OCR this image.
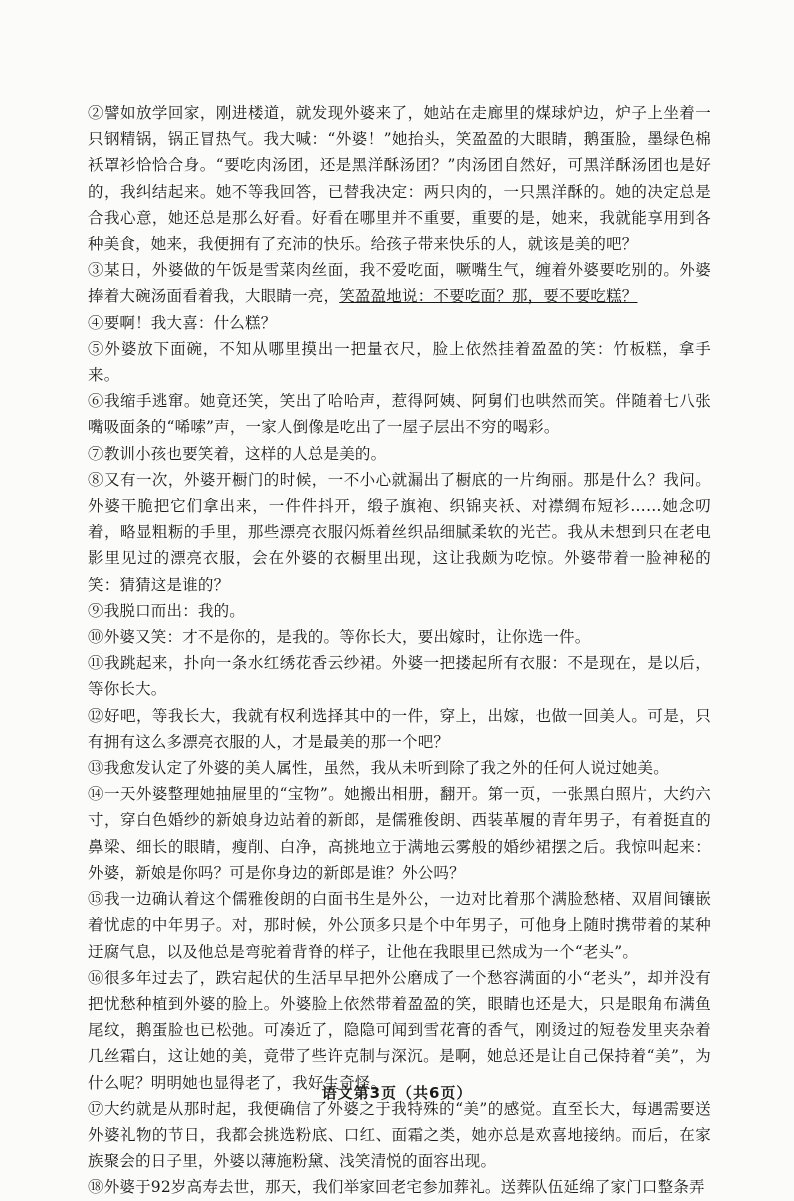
②譬如放学回家，刚进楼道，就发现外婆来了，她站在走廊里的煤球炉边，炉子上坐着一只钢精锅，锅正冒热气。我大喊：“外婆！”她抬头，笑盈盈的大眼睛，鹅蛋脸，墨绿色棉袄罩衫恰恰合身。“要吃肉汤团，还是黑洋酥汤团？”肉汤团自然好，可黑洋酥汤团也是好的，我纠结起来。她不等我回答，已替我决定：两只肉的，一只黑洋酥的。她的决定总是合我心意，她还总是那么好看。好看在哪里并不重要，重要的是，她来，我就能享用到各种美食，她来，我便拥有了充沛的快乐。给孩子带来快乐的人，就该是美的吧？

③某日，外婆做的午饭是雪菜肉丝面，我不爱吃面，噘嘴生气，缠着外婆要吃别的。外婆捧着大碗汤面看着我，大眼睛一亮，笑盈盈地说：不要吃面？那，要不要吃糕？

④要啊！我大喜：什么糕？

⑤外婆放下面碗，不知从哪里摸出一把量衣尺，脸上依然挂着盈盈的笑：竹板糕，拿手来。

⑥我缩手逃窜。她竟还笑，笑出了哈哈声，惹得阿姨、阿舅们也哄然而笑。伴随着七八张嘴吸面条的“唏嗦”声，一家人倒像是吃出了一屋子层出不穷的喝彩。

⑦教训小孩也要笑着，这样的人总是美的。

⑧又有一次，外婆开橱门的时候，一不小心就漏出了橱底的一片绚丽。那是什么？我问。外婆干脆把它们拿出来，一件件抖开，缎子旗袍、织锦夹袄、对襟绸布短衫……她念叨着，略显粗粝的手里，那些漂亮衣服闪烁着丝织品细腻柔软的光芒。我从未想到只在老电影里见过的漂亮衣服，会在外婆的衣橱里出现，这让我颇为吃惊。外婆带着一脸神秘的笑：猜猜这是谁的？

⑨我脱口而出：我的。

⑩外婆又笑：才不是你的，是我的。等你长大，要出嫁时，让你选一件。

⑪我跳起来，扑向一条水红绣花香云纱裙。外婆一把搂起所有衣服：不是现在，是以后，等你长大。

⑫好吧，等我长大，我就有权利选择其中的一件，穿上，出嫁，也做一回美人。可是，只有拥有这么多漂亮衣服的人，才是最美的那一个吧？

⑬我愈发认定了外婆的美人属性，虽然，我从未听到除了我之外的任何人说过她美。

⑭一天外婆整理她抽屉里的“宝物”。她搬出相册，翻开。第一页，一张黑白照片，大约六寸，穿白色婚纱的新娘身边站着的新郎，是儒雅俊朗、西装革履的青年男子，有着挺直的鼻梁、细长的眼睛，瘦削、白净，高挑地立于满地云雾般的婚纱裙摆之后。我惊叫起来：外婆，新娘是你吗？可是你身边的新郎是谁？外公吗？

⑮我一边确认着这个儒雅俊朗的白面书生是外公，一边对比着那个满脸愁楮、双眉间镶嵌着忧虑的中年男子。对，那时候，外公顶多只是个中年男子，可他身上随时携带着的某种迂腐气息，以及他总是弯驼着背脊的样子，让他在我眼里已然成为一个“老头”。

⑯很多年过去了，跌宕起伏的生活早早把外公磨成了一个愁容满面的小“老头”，却并没有把忧愁种植到外婆的脸上。外婆脸上依然带着盈盈的笑，眼睛也还是大，只是眼角布满鱼尾纹，鹅蛋脸也已松弛。可凑近了，隐隐可闻到雪花膏的香气，刚烫过的短卷发里夹杂着几丝霜白，这让她的美，竟带了些许克制与深沉。是啊，她总还是让自己保持着“美”，为什么呢？明明她也显得老了，我好生奇怪。

⑰大约就是从那时起，我便确信了外婆之于我特殊的“美”的感觉。直至长大，每遇需要送外婆礼物的节日，我都会挑选粉底、口红、面霜之类，她亦总是欢喜地接纳。而后，在家族聚会的日子里，外婆以薄施粉黛、浅笑清悦的面容出现。

⑱外婆于92岁高寿去世，那天，我们举家回老宅参加葬礼。送葬队伍延绵了家门口整条弄

语文第3页（共6页）
